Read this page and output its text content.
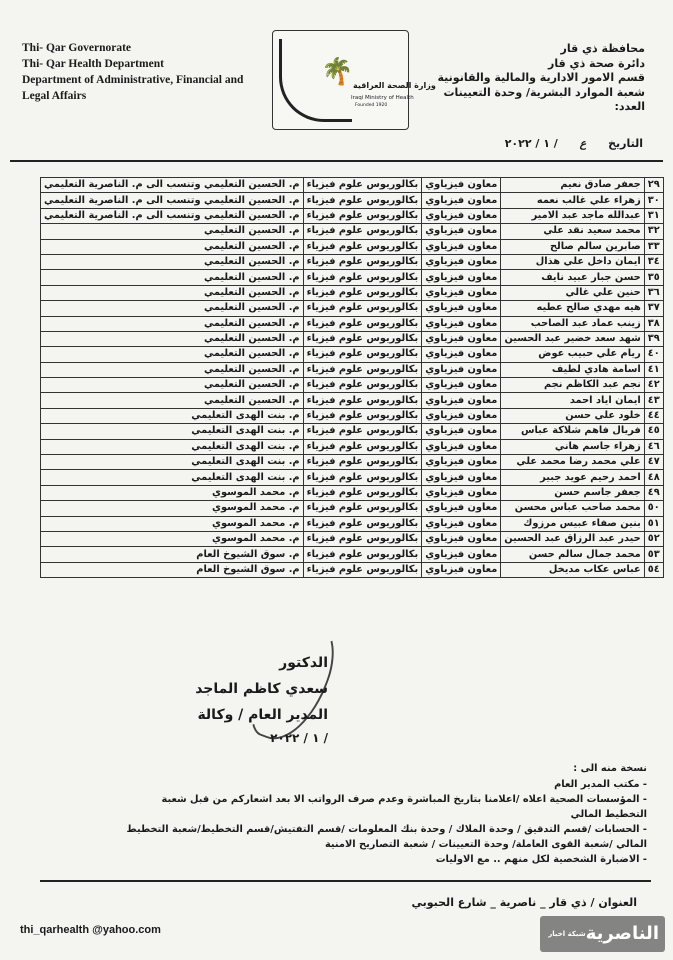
Thi- Qar Governorate
Thi- Qar Health Department
Department of Administrative, Financial and
Legal Affairs
🌴 وزارة الصحة العراقية
Iraqi Ministry of Health
Founded 1920
محافظة ذي قار
دائرة صحة ذي قار
قسم الامور الادارية والمالية والقانونية
شعبة الموارد البشرية/ وحدة التعيينات
العدد:
التاريخ ع / ١ / ٢٠٢٢
٢٩	جعفر صادق نعيم	معاون فيزياوي	بكالوريوس علوم فيزياء	م. الحسين التعليمي وتنسب الى م. الناصرية التعليمي
٣٠	زهراء علي غالب نعمه	معاون فيزياوي	بكالوريوس علوم فيزياء	م. الحسين التعليمي وتنسب الى م. الناصرية التعليمي
٣١	عبدالله ماجد عبد الامير	معاون فيزياوي	بكالوريوس علوم فيزياء	م. الحسين التعليمي وتنسب الى م. الناصرية التعليمي
٣٢	محمد سعيد نقد علي	معاون فيزياوي	بكالوريوس علوم فيزياء	م. الحسين التعليمي
٣٣	صابرين سالم صالح	معاون فيزياوي	بكالوريوس علوم فيزياء	م. الحسين التعليمي
٣٤	ايمان داخل علي هذال	معاون فيزياوي	بكالوريوس علوم فيزياء	م. الحسين التعليمي
٣٥	حسن جبار عبيد نايف	معاون فيزياوي	بكالوريوس علوم فيزياء	م. الحسين التعليمي
٣٦	حنين علي غالي	معاون فيزياوي	بكالوريوس علوم فيزياء	م. الحسين التعليمي
٣٧	هيه مهدي صالح عطيه	معاون فيزياوي	بكالوريوس علوم فيزياء	م. الحسين التعليمي
٣٨	زينب عماد عبد الصاحب	معاون فيزياوي	بكالوريوس علوم فيزياء	م. الحسين التعليمي
٣٩	شهد سعد خضير عبد الحسين	معاون فيزياوي	بكالوريوس علوم فيزياء	م. الحسين التعليمي
٤٠	ريام علي حبيب عوض	معاون فيزياوي	بكالوريوس علوم فيزياء	م. الحسين التعليمي
٤١	اسامة هادي لطيف	معاون فيزياوي	بكالوريوس علوم فيزياء	م. الحسين التعليمي
٤٢	نجم عبد الكاظم نجم	معاون فيزياوي	بكالوريوس علوم فيزياء	م. الحسين التعليمي
٤٣	ايمان اياد احمد	معاون فيزياوي	بكالوريوس علوم فيزياء	م. الحسين التعليمي
٤٤	خلود علي حسن	معاون فيزياوي	بكالوريوس علوم فيزياء	م. بنت الهدى التعليمي
٤٥	فريال فاهم شلاكة عباس	معاون فيزياوي	بكالوريوس علوم فيزياء	م. بنت الهدى التعليمي
٤٦	زهراء جاسم هاني	معاون فيزياوي	بكالوريوس علوم فيزياء	م. بنت الهدى التعليمي
٤٧	علي محمد رضا محمد علي	معاون فيزياوي	بكالوريوس علوم فيزياء	م. بنت الهدى التعليمي
٤٨	احمد رحيم عويد جبير	معاون فيزياوي	بكالوريوس علوم فيزياء	م. بنت الهدى التعليمي
٤٩	جعفر جاسم حسن	معاون فيزياوي	بكالوريوس علوم فيزياء	م. محمد الموسوي
٥٠	محمد صاحب عباس محسن	معاون فيزياوي	بكالوريوس علوم فيزياء	م. محمد الموسوي
٥١	بنين صفاء عبيس مرزوك	معاون فيزياوي	بكالوريوس علوم فيزياء	م. محمد الموسوي
٥٢	حيدر عبد الرزاق عبد الحسين	معاون فيزياوي	بكالوريوس علوم فيزياء	م. محمد الموسوي
٥٣	محمد جمال سالم حسن	معاون فيزياوي	بكالوريوس علوم فيزياء	م. سوق الشيوخ العام
٥٤	عباس عكاب مديخل	معاون فيزياوي	بكالوريوس علوم فيزياء	م. سوق الشيوخ العام
الدكتور
سعدي كاظم الماجد
المدير العام / وكالة
/ ١ / ٢٠٢٢
نسخة منه الى :
- مكتب المدير العام
- المؤسسات الصحية اعلاه /اعلامنا بتاريخ المباشرة وعدم صرف الرواتب الا بعد اشعاركم من قبل شعبة التخطيط المالي
- الحسابات /قسم التدقيق / وحدة الملاك / وحدة بنك المعلومات /قسم التفتيش/قسم التخطيط/شعبة التخطيط المالي /شعبة القوى العاملة/ وحدة التعيينات / شعبة التصاريح الامنية
- الاضبارة الشخصية لكل منهم .. مع الاوليات
العنوان / ذي قار _ ناصرية _ شارع الحبوبي
thi_qarhealth @yahoo.com	الناصرية$^{شبكة اخبار}$
